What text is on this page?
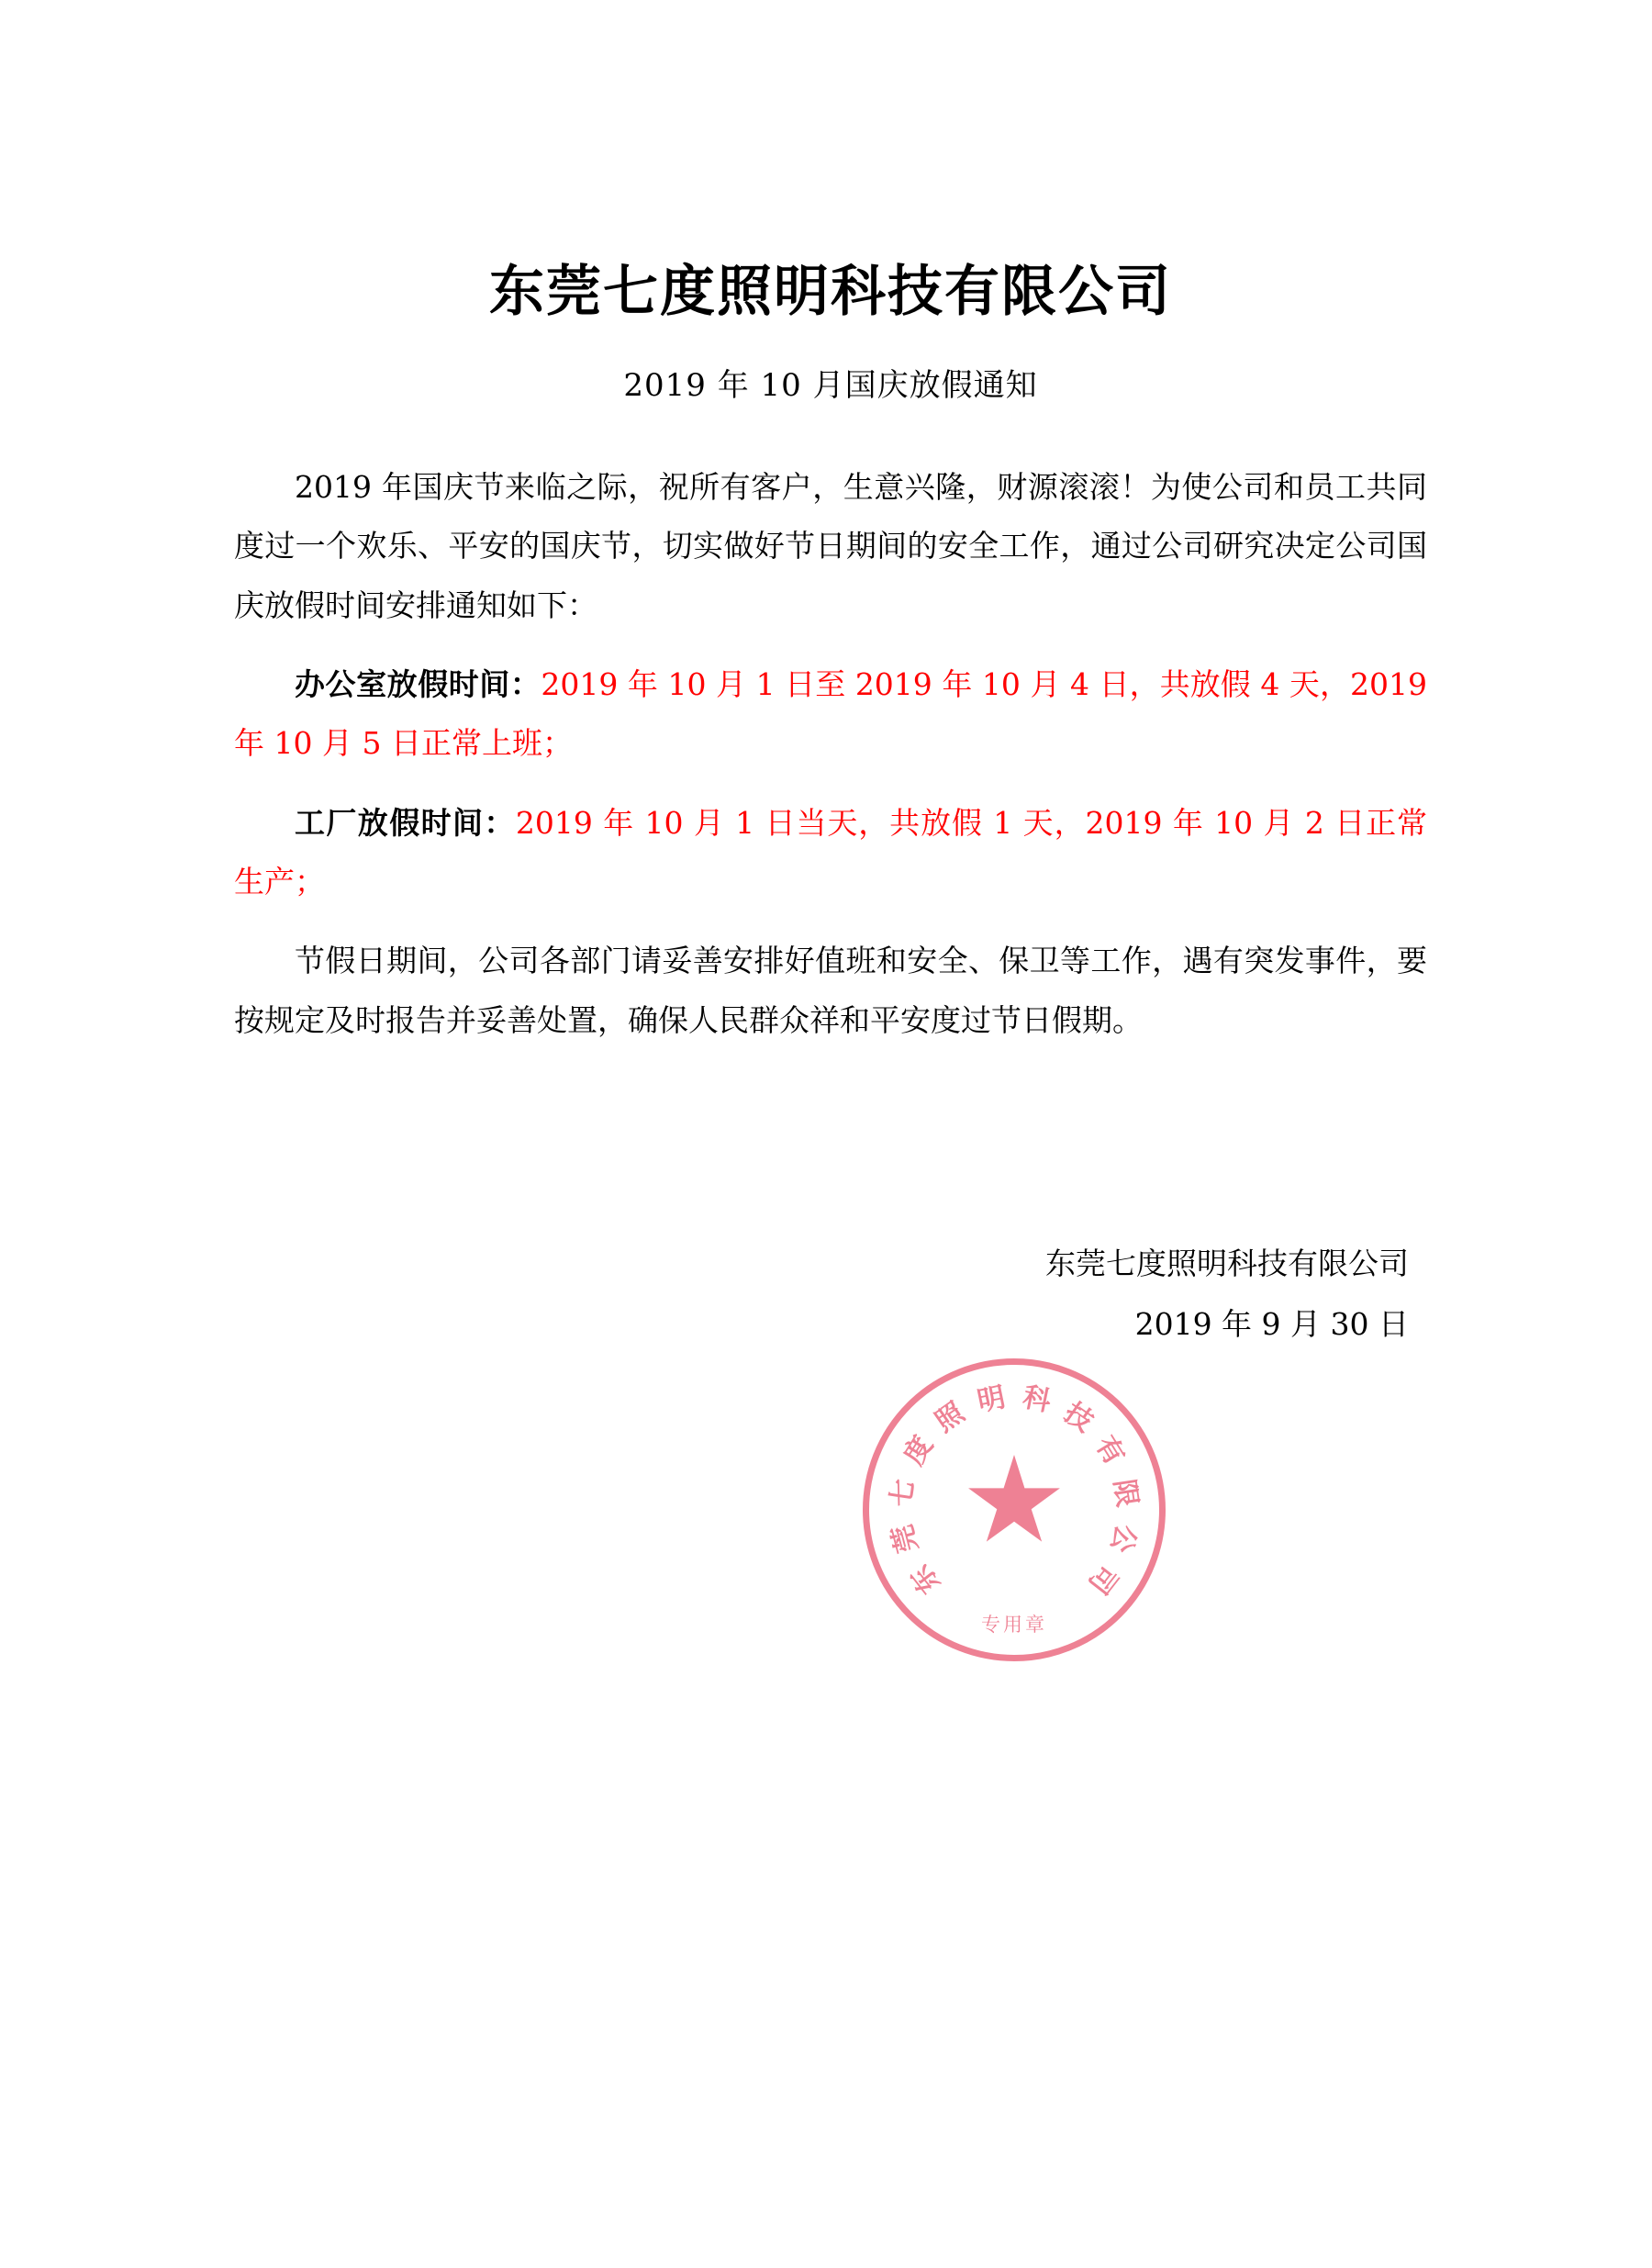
东莞七度照明科技有限公司
2019 年 10 月国庆放假通知

2019 年国庆节来临之际，祝所有客户，生意兴隆，财源滚滚！为使公司和员工共同度过一个欢乐、平安的国庆节，切实做好节日期间的安全工作，通过公司研究决定公司国庆放假时间安排通知如下：

办公室放假时间：2019 年 10 月 1 日至 2019 年 10 月 4 日，共放假 4 天，2019 年 10 月 5 日正常上班；

工厂放假时间：2019 年 10 月 1 日当天，共放假 1 天，2019 年 10 月 2 日正常生产；

节假日期间，公司各部门请妥善安排好值班和安全、保卫等工作，遇有突发事件，要按规定及时报告并妥善处置，确保人民群众祥和平安度过节日假期。

东莞七度照明科技有限公司
2019 年 9 月 30 日
东
莞
七
度
照 明 科 技
有
限
公
司
专用章
